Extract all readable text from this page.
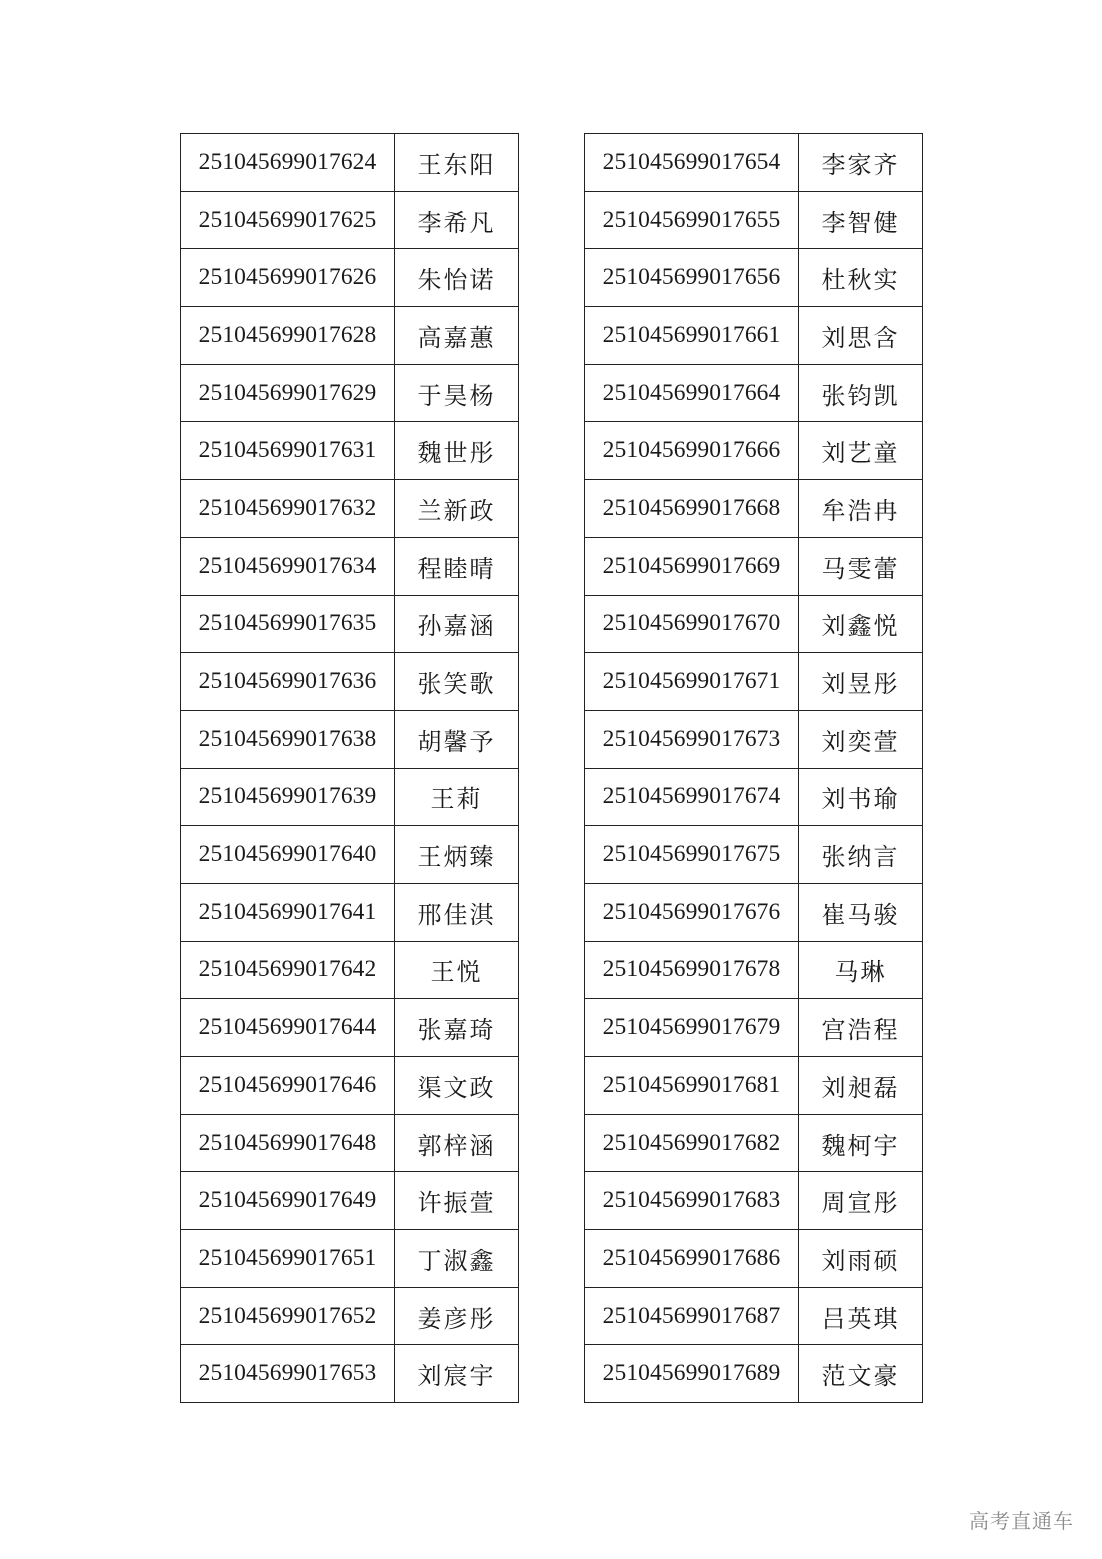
251045699017624	王东阳
251045699017625	李希凡
251045699017626	朱怡诺
251045699017628	高嘉蕙
251045699017629	于昊杨
251045699017631	魏世彤
251045699017632	兰新政
251045699017634	程睦晴
251045699017635	孙嘉涵
251045699017636	张笑歌
251045699017638	胡馨予
251045699017639	王莉
251045699017640	王炳臻
251045699017641	邢佳淇
251045699017642	王悦
251045699017644	张嘉琦
251045699017646	渠文政
251045699017648	郭梓涵
251045699017649	许振萱
251045699017651	丁淑鑫
251045699017652	姜彦彤
251045699017653	刘宸宇
251045699017654	李家齐
251045699017655	李智健
251045699017656	杜秋实
251045699017661	刘思含
251045699017664	张钧凯
251045699017666	刘艺童
251045699017668	牟浩冉
251045699017669	马雯蕾
251045699017670	刘鑫悦
251045699017671	刘昱彤
251045699017673	刘奕萱
251045699017674	刘书瑜
251045699017675	张纳言
251045699017676	崔马骏
251045699017678	马琳
251045699017679	宫浩程
251045699017681	刘昶磊
251045699017682	魏柯宇
251045699017683	周宣彤
251045699017686	刘雨硕
251045699017687	吕英琪
251045699017689	范文豪
高考直通车
